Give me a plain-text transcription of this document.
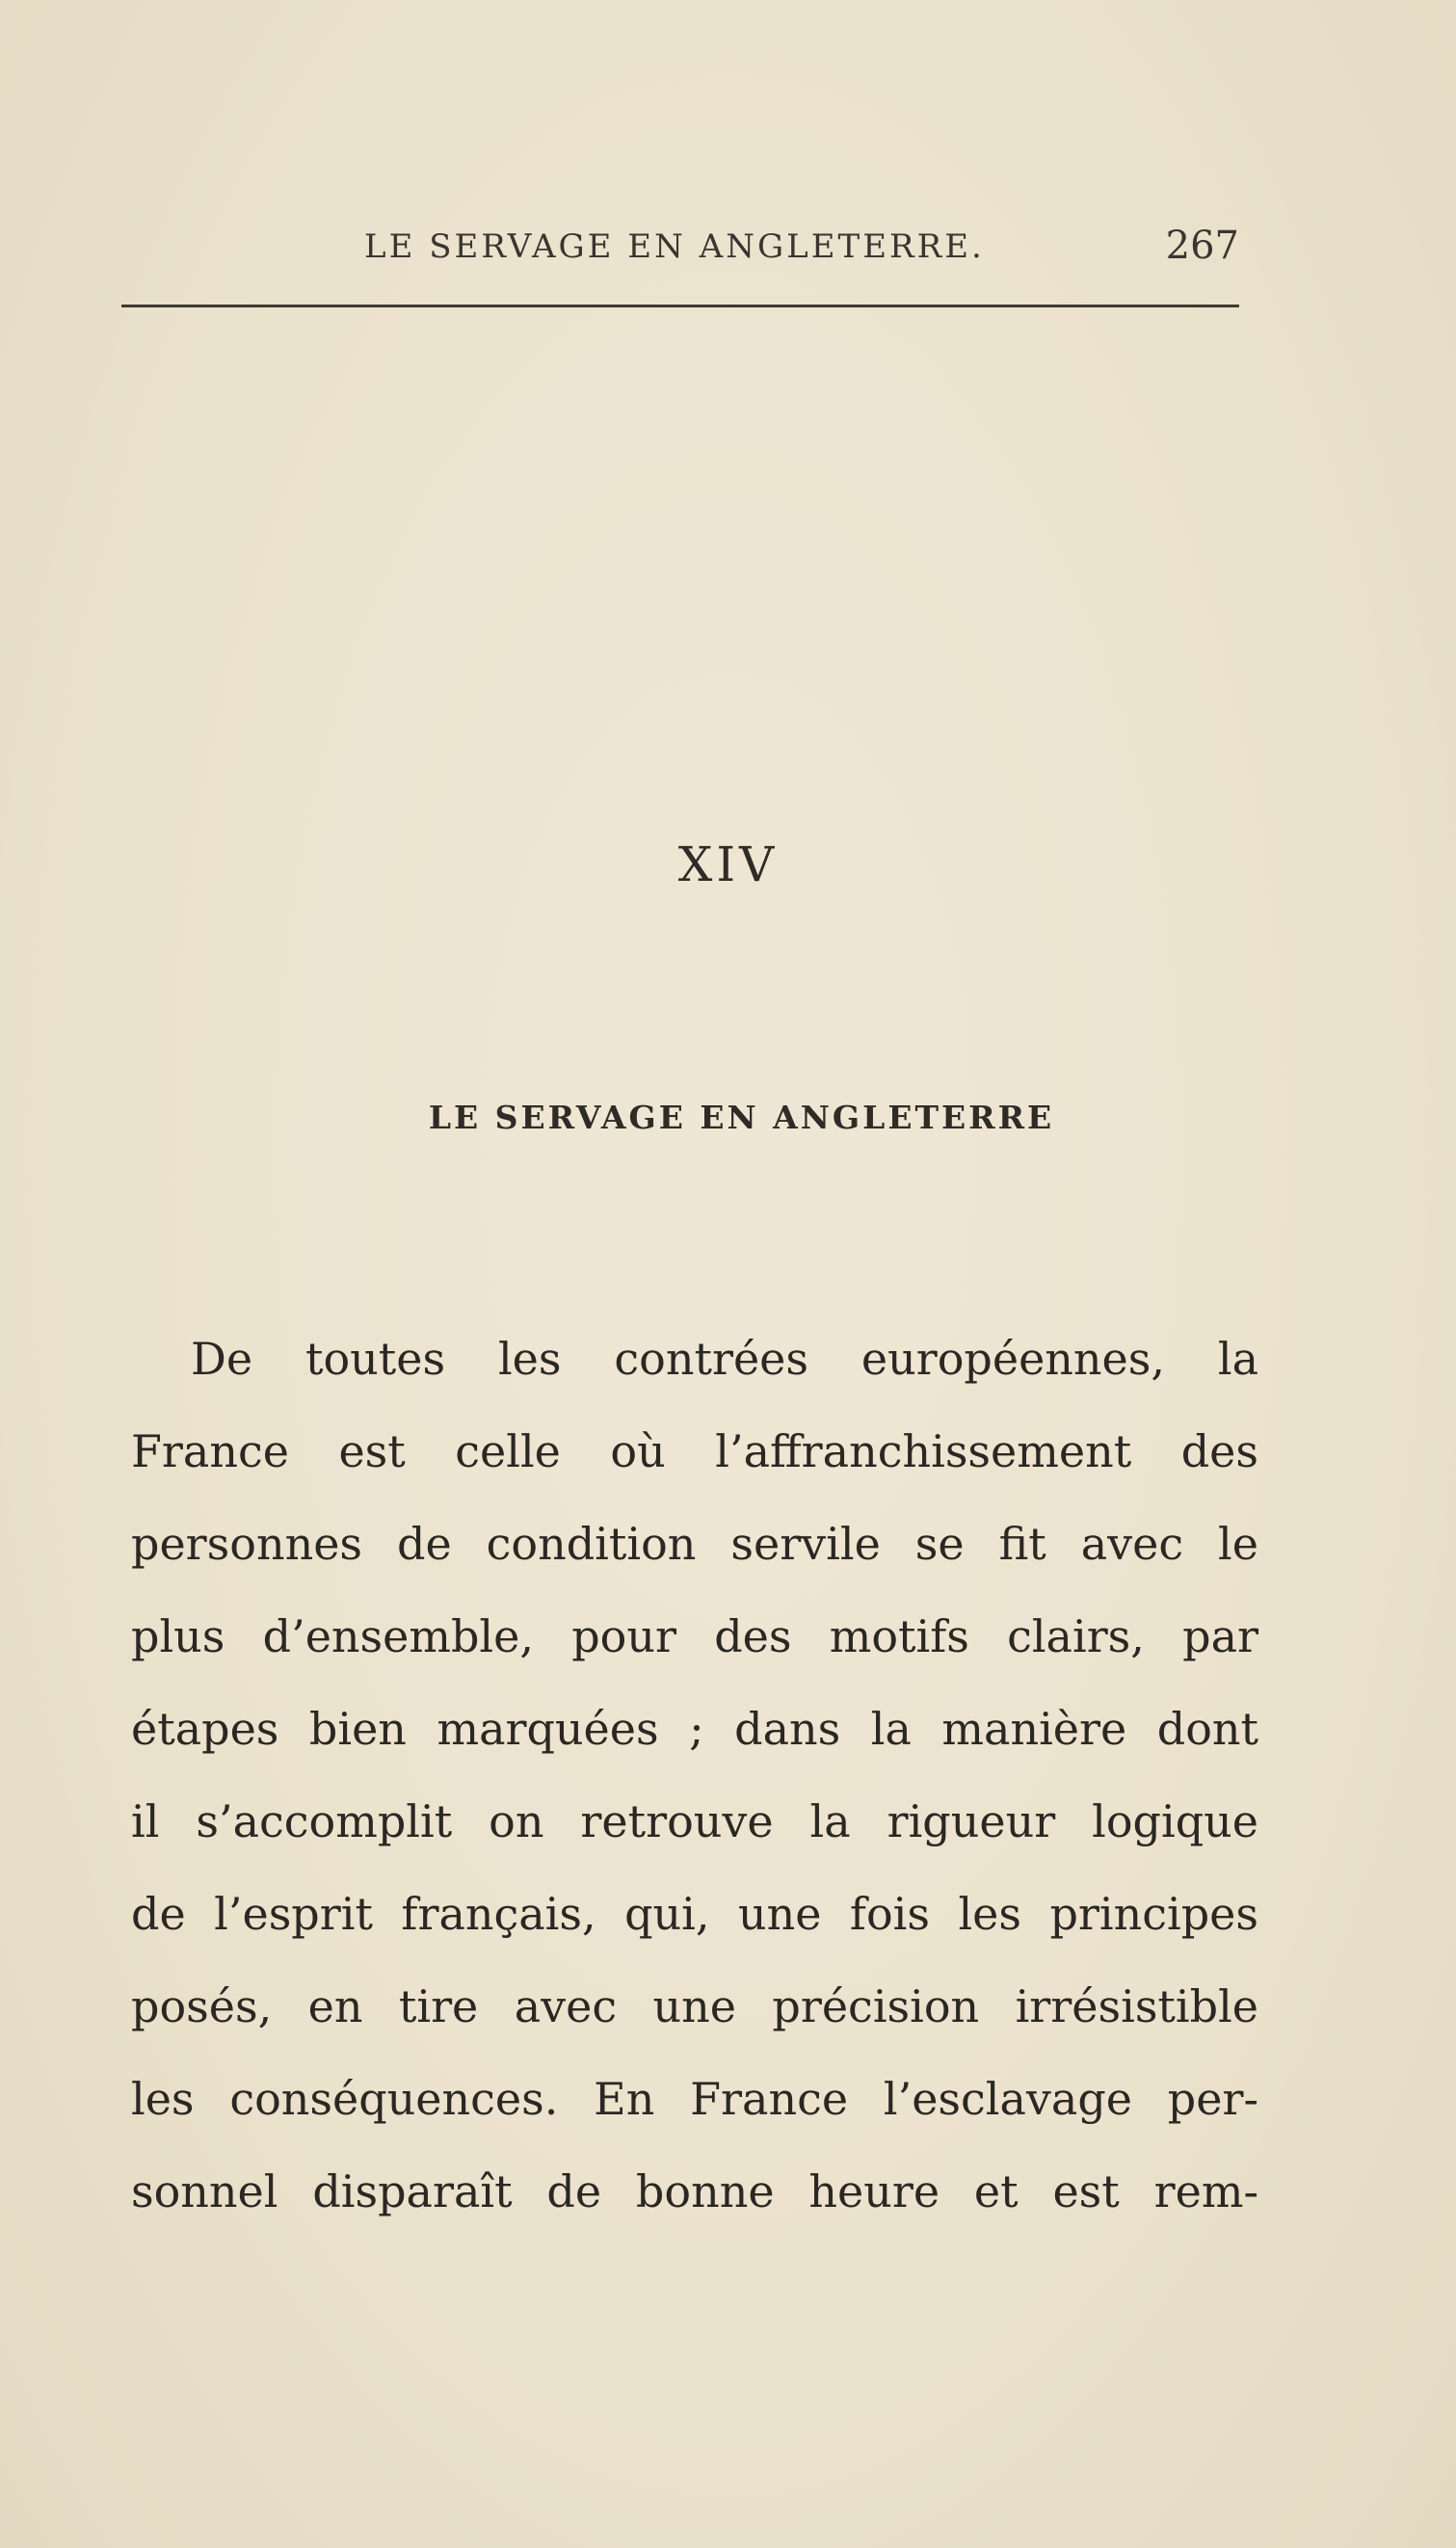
LE SERVAGE EN ANGLETERRE.	267
XIV
LE SERVAGE EN ANGLETERRE
De toutes les contrées européennes, la
France est celle où l’affranchissement des
personnes de condition servile se fit avec le
plus d’ensemble, pour des motifs clairs, par
étapes bien marquées ; dans la manière dont
il s’accomplit on retrouve la rigueur logique
de l’esprit français, qui, une fois les principes
posés, en tire avec une précision irrésistible
les conséquences. En France l’esclavage per-
sonnel disparaît de bonne heure et est rem-
